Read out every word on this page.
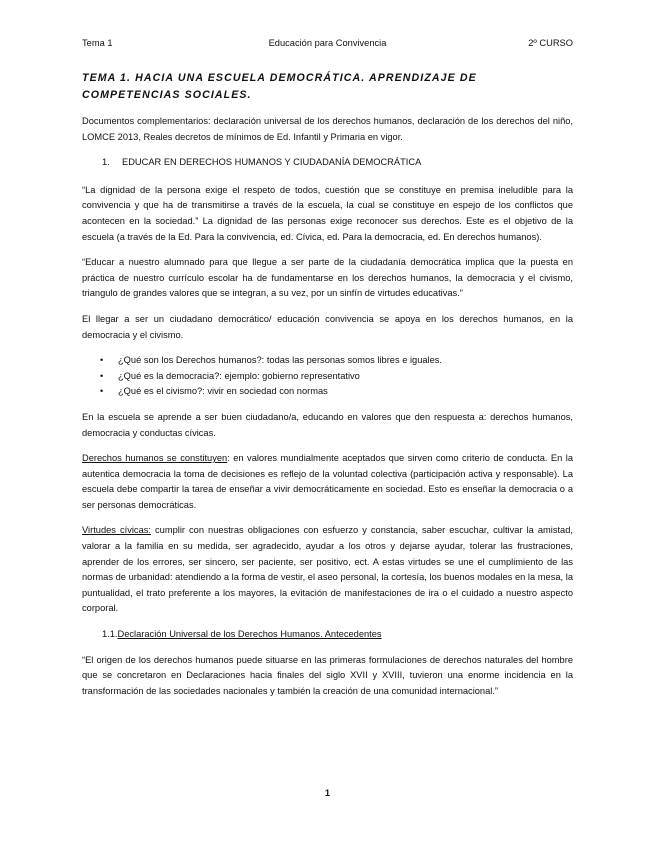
Tema 1	Educación para Convivencia	2º CURSO
TEMA 1. HACIA UNA ESCUELA DEMOCRÁTICA. APRENDIZAJE DE COMPETENCIAS SOCIALES.

Documentos complementarios: declaración universal de los derechos humanos, declaración de los derechos del niño, LOMCE 2013, Reales decretos de mínimos de Ed. Infantil y Primaria en vigor.

1. EDUCAR EN DERECHOS HUMANOS Y CIUDADANÍA DEMOCRÁTICA

“La dignidad de la persona exige el respeto de todos, cuestión que se constituye en premisa ineludible para la convivencia y que ha de transmitirse a través de la escuela, la cual se constituye en espejo de los conflictos que acontecen en la sociedad.” La dignidad de las personas exige reconocer sus derechos. Este es el objetivo de la escuela (a través de la Ed. Para la convivencia, ed. Cívica, ed. Para la democracia, ed. En derechos humanos).

“Educar a nuestro alumnado para que llegue a ser parte de la ciudadanía democrática implica que la puesta en práctica de nuestro currículo escolar ha de fundamentarse en los derechos humanos, la democracia y el civismo, triangulo de grandes valores que se integran, a su vez, por un sinfín de virtudes educativas.”

El llegar a ser un ciudadano democrático/ educación convivencia se apoya en los derechos humanos, en la democracia y el civismo.

• ¿Qué son los Derechos humanos?: todas las personas somos libres e iguales.
• ¿Qué es la democracia?: ejemplo: gobierno representativo
• ¿Qué es el civismo?: vivir en sociedad con normas

En la escuela se aprende a ser buen ciudadano/a, educando en valores que den respuesta a: derechos humanos, democracia y conductas cívicas.

Derechos humanos se constituyen: en valores mundialmente aceptados que sirven como criterio de conducta. En la autentica democracia la toma de decisiones es reflejo de la voluntad colectiva (participación activa y responsable). La escuela debe compartir la tarea de enseñar a vivir democráticamente en sociedad. Esto es enseñar la democracia o a ser personas democráticas.

Virtudes cívicas: cumplir con nuestras obligaciones con esfuerzo y constancia, saber escuchar, cultivar la amistad, valorar a la familia en su medida, ser agradecido, ayudar a los otros y dejarse ayudar, tolerar las frustraciones, aprender de los errores, ser sincero, ser paciente, ser positivo, ect. A estas virtudes se une el cumplimiento de las normas de urbanidad: atendiendo a la forma de vestir, el aseo personal, la cortesía, los buenos modales en la mesa, la puntualidad, el trato preferente a los mayores, la evitación de manifestaciones de ira o el cuidado a nuestro aspecto corporal.

1.1.Declaración Universal de los Derechos Humanos. Antecedentes

“El origen de los derechos humanos puede situarse en las primeras formulaciones de derechos naturales del hombre que se concretaron en Declaraciones hacia finales del siglo XVII y XVIII, tuvieron una enorme incidencia en la transformación de las sociedades nacionales y también la creación de una comunidad internacional.”

1
